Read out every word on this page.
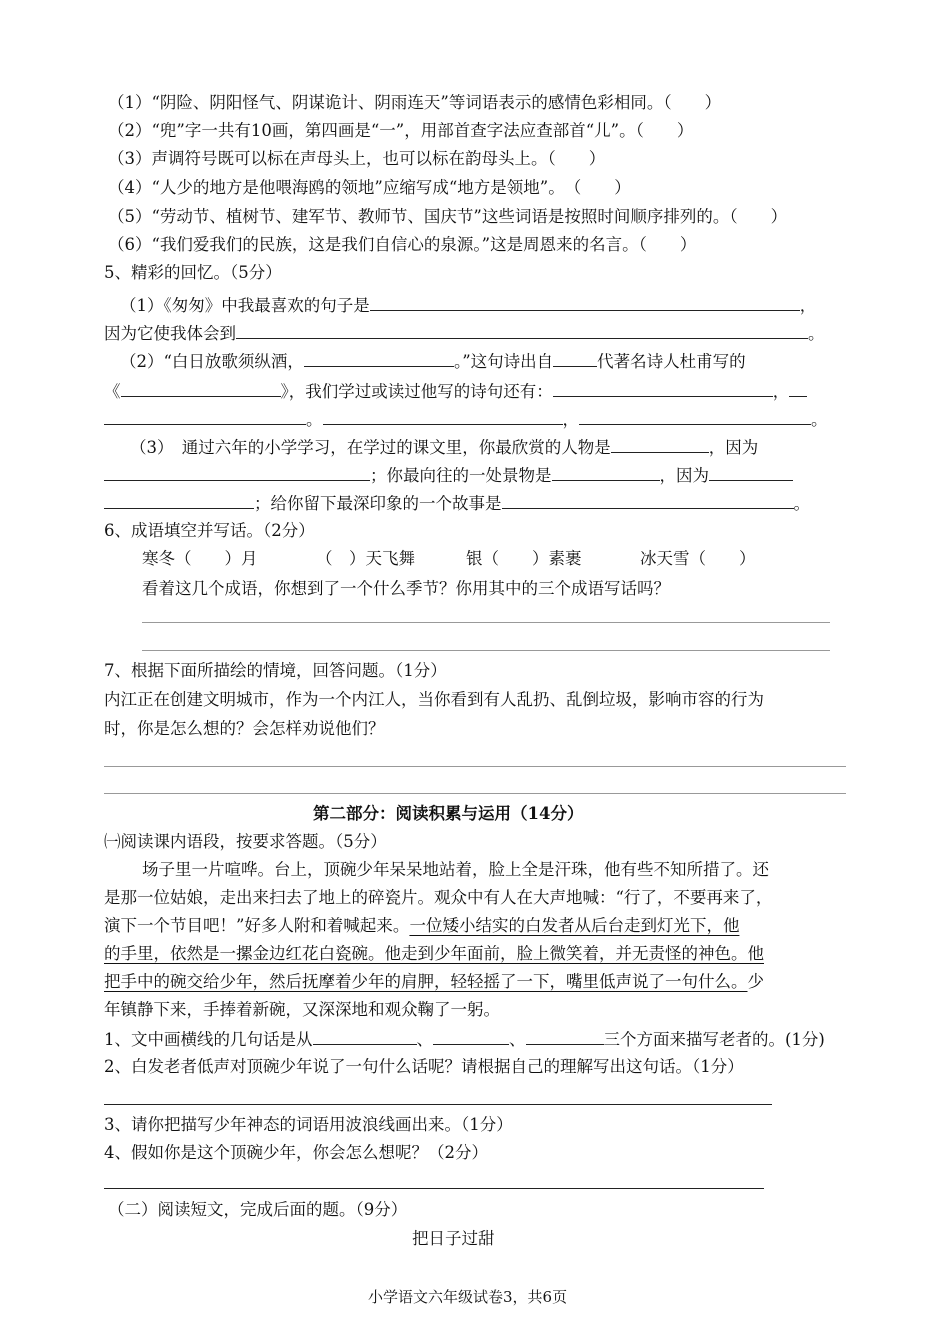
（1）“阴险、阴阳怪气、阴谋诡计、阴雨连天”等词语表示的感情色彩相同。（　　）
（2）“兜”字一共有10画，第四画是“一”，用部首查字法应查部首“儿”。（　　）
（3）声调符号既可以标在声母头上，也可以标在韵母头上。（　　）
（4）“人少的地方是他喂海鸥的领地”应缩写成“地方是领地”。　（　　）
（5）“劳动节、植树节、建军节、教师节、国庆节”这些词语是按照时间顺序排列的。（　　）
（6）“我们爱我们的民族，这是我们自信心的泉源。”这是周恩来的名言。（　　）
5、精彩的回忆。（5分）
（1）《匆匆》中我最喜欢的句子是	，
因为它使我体会到	。
（2）“白日放歌须纵酒，	。”这句诗出自	代著名诗人杜甫写的
《	》，我们学过或读过他写的诗句还有：	，
。	，	。
（3）　通过六年的小学学习，在学过的课文里，你最欣赏的人物是	，因为
；你最向往的一处景物是	，因为
；给你留下最深印象的一个故事是	。
6、成语填空并写话。（2分）
寒冬（　　）月	（　）天飞舞	银（　　）素裹	冰天雪（　　）
看着这几个成语，你想到了一个什么季节？你用其中的三个成语写话吗？
7、根据下面所描绘的情境，回答问题。（1分）
内江正在创建文明城市，作为一个内江人，当你看到有人乱扔、乱倒垃圾，影响市容的行为
时，你是怎么想的？会怎样劝说他们？
第二部分：阅读积累与运用（14分）
㈠阅读课内语段，按要求答题。（5分）
场子里一片喧哗。台上，顶碗少年呆呆地站着，脸上全是汗珠，他有些不知所措了。还
是那一位姑娘，走出来扫去了地上的碎瓷片。观众中有人在大声地喊：“行了，不要再来了，
演下一个节目吧！”好多人附和着喊起来。一位矮小结实的白发者从后台走到灯光下，他
的手里，依然是一摞金边红花白瓷碗。他走到少年面前，脸上微笑着，并无责怪的神色。他
把手中的碗交给少年，然后抚摩着少年的肩胛，轻轻摇了一下，嘴里低声说了一句什么。少
年镇静下来，手捧着新碗，又深深地和观众鞠了一躬。
1、文中画横线的几句话是从	、	、	三个方面来描写老者的。(1分)
2、白发老者低声对顶碗少年说了一句什么话呢？请根据自己的理解写出这句话。（1分）
3、请你把描写少年神态的词语用波浪线画出来。（1分）
4、假如你是这个顶碗少年，你会怎么想呢？（2分）
（二）阅读短文，完成后面的题。（9分）
把日子过甜
小学语文六年级试卷3，共6页
